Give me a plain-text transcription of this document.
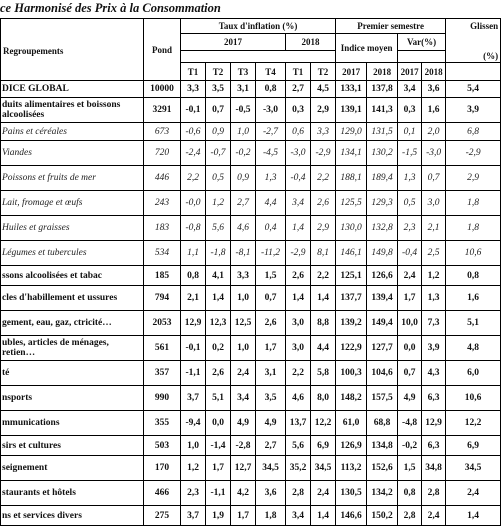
ce Harmonisé des Prix à la Consommation
Regroupements	Pond	Taux d'inflation (%)						Premier semestre				Glissen
		2017				2018		Indice moyen		Var(%)		
												(%)
		T1	T2	T3	T4	T1	T2	2017	2018	2017	2018	
DICE GLOBAL	10000	3,3	3,5	3,1	0,8	2,7	4,5	133,1	137,8	3,4	3,6	5,4
duits alimentaires et boissons alcoolisées	3291	-0,1	0,7	-0,5	-3,0	0,3	2,9	139,1	141,3	0,3	1,6	3,9
Pains et céréales	673	-0,6	0,9	1,0	-2,7	0,6	3,3	129,0	131,5	0,1	2,0	6,8
Viandes	720	-2,4	-0,7	-0,2	-4,5	-3,0	-2,9	134,1	130,2	-1,5	-3,0	-2,9
Poissons et fruits de mer	446	2,2	0,5	0,9	1,3	-0,4	2,2	188,1	189,4	1,3	0,7	2,9
Lait, fromage et œufs	243	-0,0	1,2	2,7	4,4	3,4	2,6	125,5	129,3	0,5	3,0	1,8
Huiles et graisses	183	-0,8	5,6	4,6	0,4	1,4	2,9	130,0	132,8	2,3	2,1	1,8
Légumes et tubercules	534	1,1	-1,8	-8,1	-11,2	-2,9	8,1	146,1	149,8	-0,4	2,5	10,6
ssons alcoolisées et tabac	185	0,8	4,1	3,3	1,5	2,6	2,2	125,1	126,6	2,4	1,2	0,8
cles d'habillement et ussures	794	2,1	1,4	1,0	0,7	1,4	1,4	137,7	139,4	1,7	1,3	1,6
gement, eau, gaz, ctricité…	2053	12,9	12,3	12,5	2,6	3,0	8,8	139,2	149,4	10,0	7,3	5,1
ubles, articles de ménages, retien…	561	-0,1	0,2	1,0	1,7	3,0	4,4	122,9	127,7	0,0	3,9	4,8
té	357	-1,1	2,6	2,4	3,1	2,2	5,8	100,3	104,6	0,7	4,3	6,0
nsports	990	3,7	5,1	3,4	3,5	4,6	8,0	148,2	157,5	4,9	6,3	10,6
mmunications	355	-9,4	0,0	4,9	4,9	13,7	12,2	61,0	68,8	-4,8	12,9	12,2
sirs et cultures	503	1,0	-1,4	-2,8	2,7	5,6	6,9	126,9	134,8	-0,2	6,3	6,9
seignement	170	1,2	1,7	12,7	34,5	35,2	34,5	113,2	152,6	1,5	34,8	34,5
staurants et hôtels	466	2,3	-1,1	4,2	3,6	2,8	2,4	130,5	134,2	0,8	2,8	2,4
ns et services divers	275	3,7	1,9	1,7	1,8	3,4	1,4	146,6	150,2	2,8	2,4	1,4
